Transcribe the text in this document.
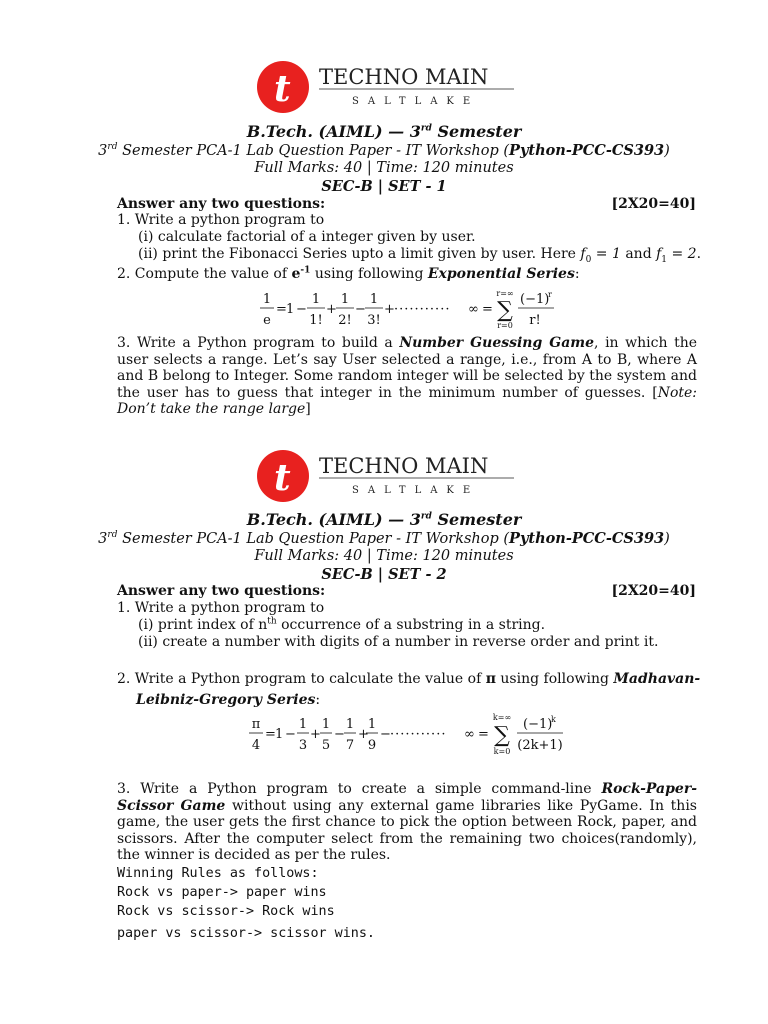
t TECHNO MAIN
SALTLAKE
B.Tech. (AIML) — 3rd Semester
3rd Semester PCA-1 Lab Question Paper - IT Workshop (Python-PCC-CS393)
Full Marks: 40 | Time: 120 minutes
SEC-B | SET - 1
Answer any two questions:	[2X20=40]
1. Write a python program to
(i) calculate factorial of a integer given by user.
(ii) print the Fibonacci Series upto a limit given by user. Here $f_0 = 1$ and $f_1 = 2$.
2. Compute the value of $e^{-1}$ using following Exponential Series:
1
e
= 1 −
1
1!
+
1
2!
−
1
3!
+ ··········· ∞ =
r=∞
∑
r=0
(−1)
r
r!

3. Write a Python program to build a Number Guessing Game, in which the user selects a range. Let’s say User selected a range, i.e., from A to B, where A and B belong to Integer. Some random integer will be selected by the system and the user has to guess that integer in the minimum number of guesses. [Note: Don’t take the range large]

t TECHNO MAIN
SALTLAKE
B.Tech. (AIML) — 3rd Semester
3rd Semester PCA-1 Lab Question Paper - IT Workshop (Python-PCC-CS393)
Full Marks: 40 | Time: 120 minutes
SEC-B | SET - 2
Answer any two questions:	[2X20=40]
1. Write a python program to
(i) print index of $n^{th}$ occurrence of a substring in a string.
(ii) create a number with digits of a number in reverse order and print it.
2. Write a Python program to calculate the value of π using following Madhavan-
Leibniz-Gregory Series:
π
4
= 1 −
1
3
+
1
5
−
1
7
+
1
9
− ··········· ∞ =
k=∞
∑
k=0
(−1)
k
(2k+1)

3. Write a Python program to create a simple command-line Rock-Paper-Scissor Game without using any external game libraries like PyGame. In this game, the user gets the first chance to pick the option between Rock, paper, and scissors. After the computer select from the remaining two choices(randomly), the winner is decided as per the rules.

Winning Rules as follows:
Rock vs paper-> paper wins
Rock vs scissor-> Rock wins
paper vs scissor-> scissor wins.
